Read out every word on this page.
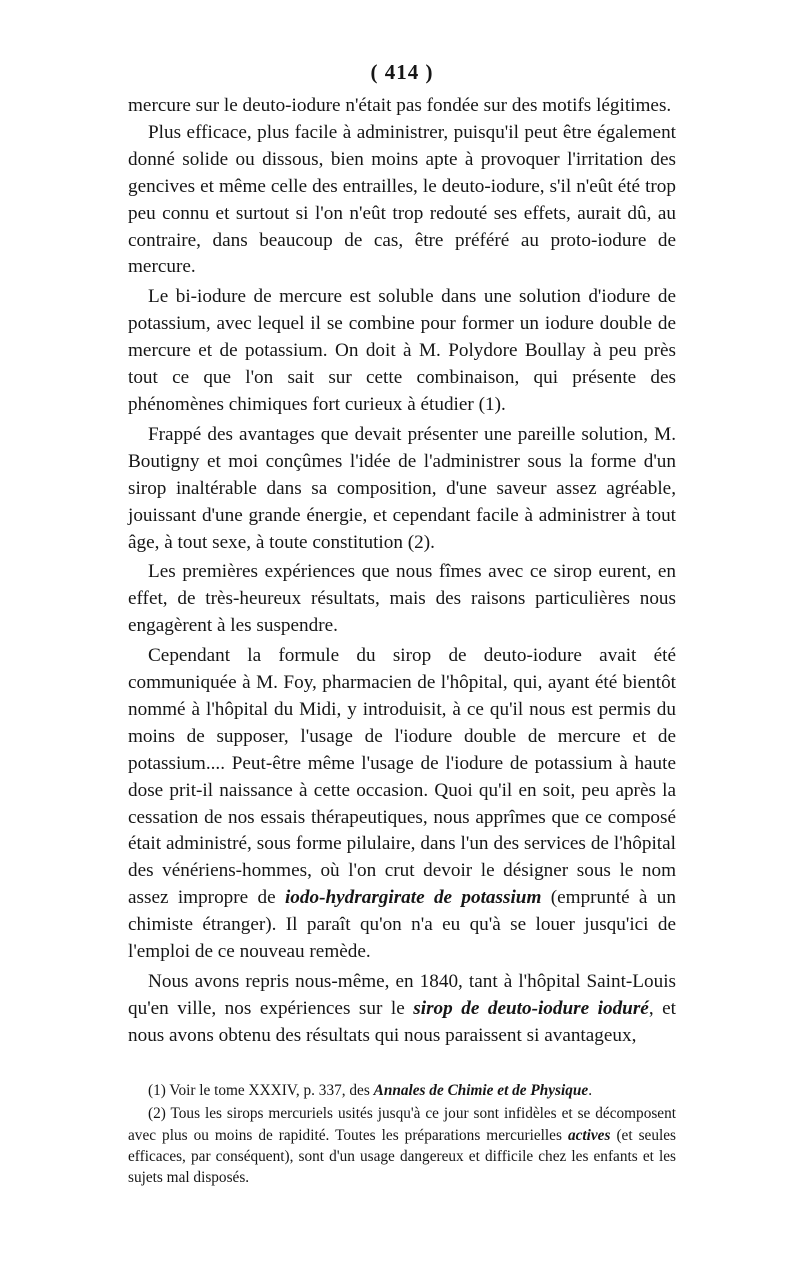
( 414 )

mercure sur le deuto-iodure n'était pas fondée sur des motifs légitimes.

Plus efficace, plus facile à administrer, puisqu'il peut être également donné solide ou dissous, bien moins apte à provoquer l'irritation des gencives et même celle des entrailles, le deuto-iodure, s'il n'eût été trop peu connu et surtout si l'on n'eût trop redouté ses effets, aurait dû, au contraire, dans beaucoup de cas, être préféré au proto-iodure de mercure.

Le bi-iodure de mercure est soluble dans une solution d'iodure de potassium, avec lequel il se combine pour former un iodure double de mercure et de potassium. On doit à M. Polydore Boullay à peu près tout ce que l'on sait sur cette combinaison, qui présente des phénomènes chimiques fort curieux à étudier (1).

Frappé des avantages que devait présenter une pareille solution, M. Boutigny et moi conçûmes l'idée de l'administrer sous la forme d'un sirop inaltérable dans sa composition, d'une saveur assez agréable, jouissant d'une grande énergie, et cependant facile à administrer à tout âge, à tout sexe, à toute constitution (2).

Les premières expériences que nous fîmes avec ce sirop eurent, en effet, de très-heureux résultats, mais des raisons particulières nous engagèrent à les suspendre.

Cependant la formule du sirop de deuto-iodure avait été communiquée à M. Foy, pharmacien de l'hôpital, qui, ayant été bientôt nommé à l'hôpital du Midi, y introduisit, à ce qu'il nous est permis du moins de supposer, l'usage de l'iodure double de mercure et de potassium.... Peut-être même l'usage de l'iodure de potassium à haute dose prit-il naissance à cette occasion. Quoi qu'il en soit, peu après la cessation de nos essais thérapeutiques, nous apprîmes que ce composé était administré, sous forme pilulaire, dans l'un des services de l'hôpital des vénériens-hommes, où l'on crut devoir le désigner sous le nom assez impropre de iodo-hydrargirate de potassium (emprunté à un chimiste étranger). Il paraît qu'on n'a eu qu'à se louer jusqu'ici de l'emploi de ce nouveau remède.

Nous avons repris nous-même, en 1840, tant à l'hôpital Saint-Louis qu'en ville, nos expériences sur le sirop de deuto-iodure ioduré, et nous avons obtenu des résultats qui nous paraissent si avantageux,

(1) Voir le tome XXXIV, p. 337, des Annales de Chimie et de Physique.

(2) Tous les sirops mercuriels usités jusqu'à ce jour sont infidèles et se décomposent avec plus ou moins de rapidité. Toutes les préparations mercurielles actives (et seules efficaces, par conséquent), sont d'un usage dangereux et difficile chez les enfants et les sujets mal disposés.
